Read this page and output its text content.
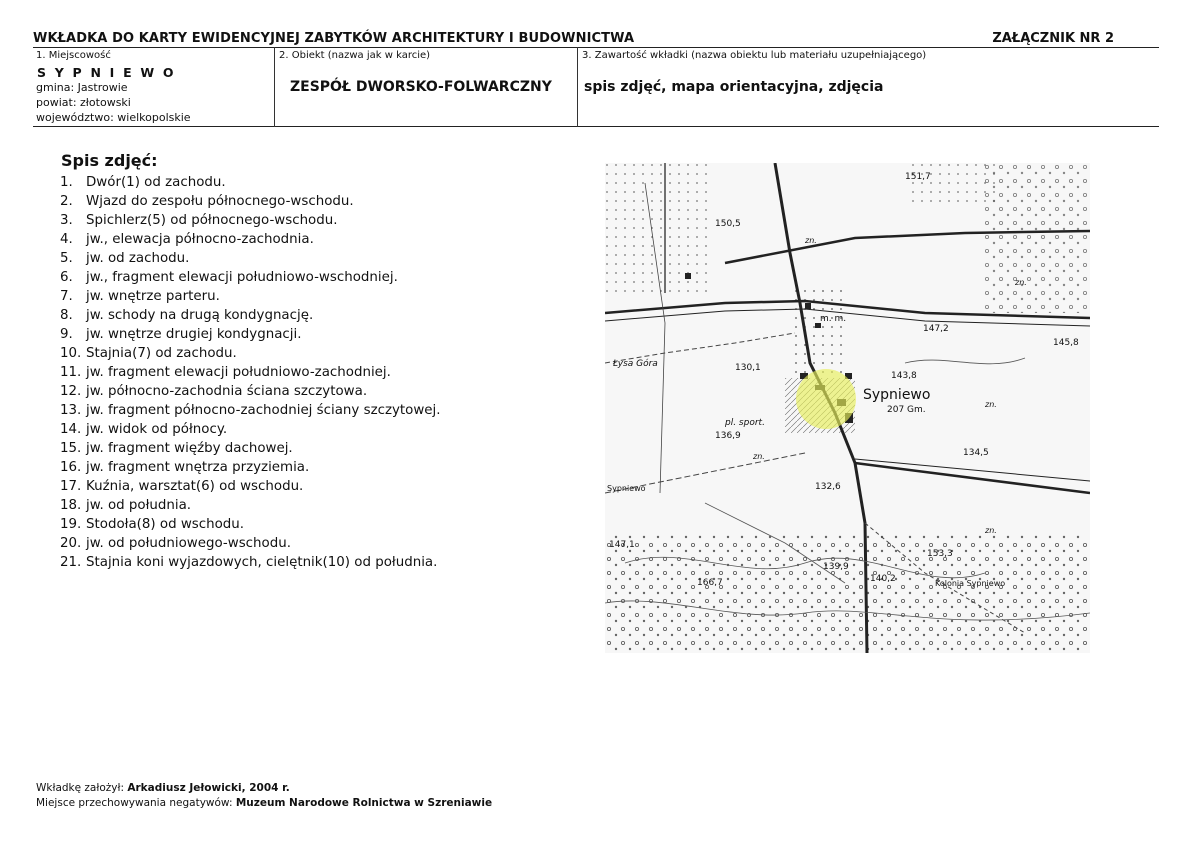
WKŁADKA DO KARTY EWIDENCYJNEJ ZABYTKÓW ARCHITEKTURY I BUDOWNICTWA	ZAŁĄCZNIK NR 2
1. Miejscowość
S Y P N I E W O
gmina: Jastrowie
powiat: złotowski
województwo: wielkopolskie
2. Obiekt (nazwa jak w karcie)
ZESPÓŁ DWORSKO-FOLWARCZNY
3. Zawartość wkładki (nazwa obiektu lub materiału uzupełniającego)
spis zdjęć, mapa orientacyjna, zdjęcia
Spis zdjęć:
1. Dwór(1) od zachodu.
2. Wjazd do zespołu północnego-wschodu.
3. Spichlerz(5) od północnego-wschodu.
4. jw., elewacja północno-zachodnia.
5. jw. od zachodu.
6. jw., fragment elewacji południowo-wschodniej.
7. jw. wnętrze parteru.
8. jw. schody na drugą kondygnację.
9. jw. wnętrze drugiej kondygnacji.
10. Stajnia(7) od zachodu.
11. jw. fragment elewacji południowo-zachodniej.
12. jw. północno-zachodnia ściana szczytowa.
13. jw. fragment północno-zachodniej ściany szczytowej.
14. jw. widok od północy.
15. jw. fragment więźby dachowej.
16. jw. fragment wnętrza przyziemia.
17. Kuźnia, warsztat(6) od wschodu.
18. jw. od południa.
19. Stodoła(8) od wschodu.
20. jw. od południowego-wschodu.
21. Stajnia koni wyjazdowych, cielętnik(10) od południa.
Sypniewo
207 Gm.
Łysa Góra
pl. sport.
Kolonia Sypniewo
Sypniewo
150,5
147,2
145,8
143,8
130,1
136,9
132,6
134,5
139,9
140,2
153,3
166,7
147,1
151,7
m. m.
zn.
zn.
zn.
zn.
zn.
Wkładkę założył: Arkadiusz Jełowicki, 2004 r.
Miejsce przechowywania negatywów: Muzeum Narodowe Rolnictwa w Szreniawie
